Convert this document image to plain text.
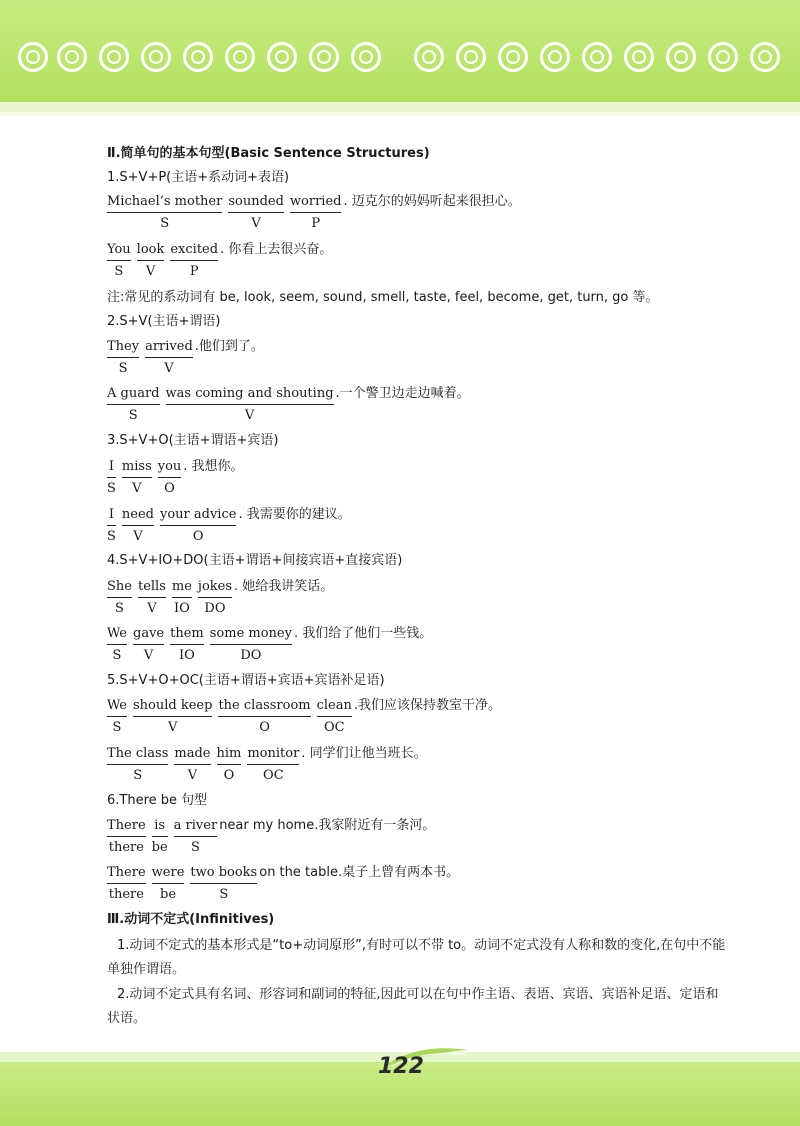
Ⅱ.简单句的基本句型(Basic Sentence Structures)
1.S+V+P(主语+系动词+表语)
Michael’s mother
S
sounded
V
worried
P
. 迈克尔的妈妈听起来很担心。
You
S
look
V
excited
P
. 你看上去很兴奋。
注:常见的系动词有 be, look, seem, sound, smell, taste, feel, become, get, turn, go 等。
2.S+V(主语+谓语)
They
S
arrived
V
.他们到了。
A guard
S
was coming and shouting
V
.一个警卫边走边喊着。
3.S+V+O(主语+谓语+宾语)
$\frac{I}{S}$ miss
V
you
O
. 我想你。
$\frac{I}{S}$ need
V
your advice
O
. 我需要你的建议。
4.S+V+IO+DO(主语+谓语+间接宾语+直接宾语)
She
S
tells
V	$\frac{me}{IO}$ jokes
DO
. 她给我讲笑话。
$\frac{We}{S}$ gave
V
them
IO
some money
DO
. 我们给了他们一些钱。
5.S+V+O+OC(主语+谓语+宾语+宾语补足语)
$\frac{We}{S}$ should keep
V
the classroom
O
clean
OC
.我们应该保持教室干净。
The class
S
made
V
him
O
monitor
OC
. 同学们让他当班长。
6.There be 句型
There
there $\frac{is}{be}$ a river
S
near my home.我家附近有一条河。
There
there
were
be
two books
S
on the table.桌子上曾有两本书。
Ⅲ.动词不定式(Infinitives)
1.动词不定式的基本形式是“to+动词原形”,有时可以不带 to。动词不定式没有人称和数的变化,在句中不能单独作谓语。
2.动词不定式具有名词、形容词和副词的特征,因此可以在句中作主语、表语、宾语、宾语补足语、定语和状语。
122
